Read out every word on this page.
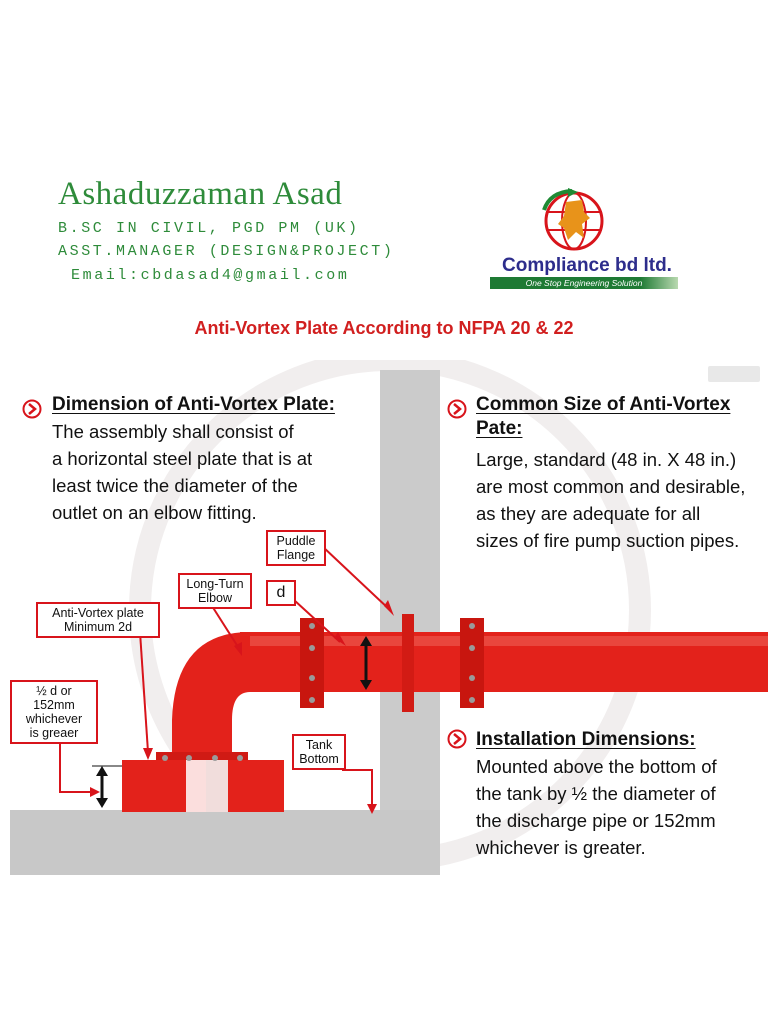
Ashaduzzaman Asad
B.SC IN CIVIL, PGD PM (UK)
ASST.MANAGER (DESIGN&PROJECT)
Email:cbdasad4@gmail.com	Compliance bd ltd.
One Stop Engineering Solution
Anti-Vortex Plate According to NFPA 20 & 22
Puddle
Flange
Long-Turn
Elbow	d
Anti-Vortex plate
Minimum 2d
½ d or 152mm
whichever
is greaer
Tank
Bottom
Dimension of Anti-Vortex Plate:
The assembly shall consist of
a horizontal steel plate that is at
least twice the diameter of the
outlet on an elbow fitting.
Common Size of Anti-Vortex
Pate:
Large, standard (48 in. X 48 in.)
are most common and desirable,
as they are adequate for all
sizes of fire pump suction pipes.
Installation Dimensions:
Mounted above the bottom of
the tank by ½ the diameter of
the discharge pipe or 152mm
whichever is greater.
